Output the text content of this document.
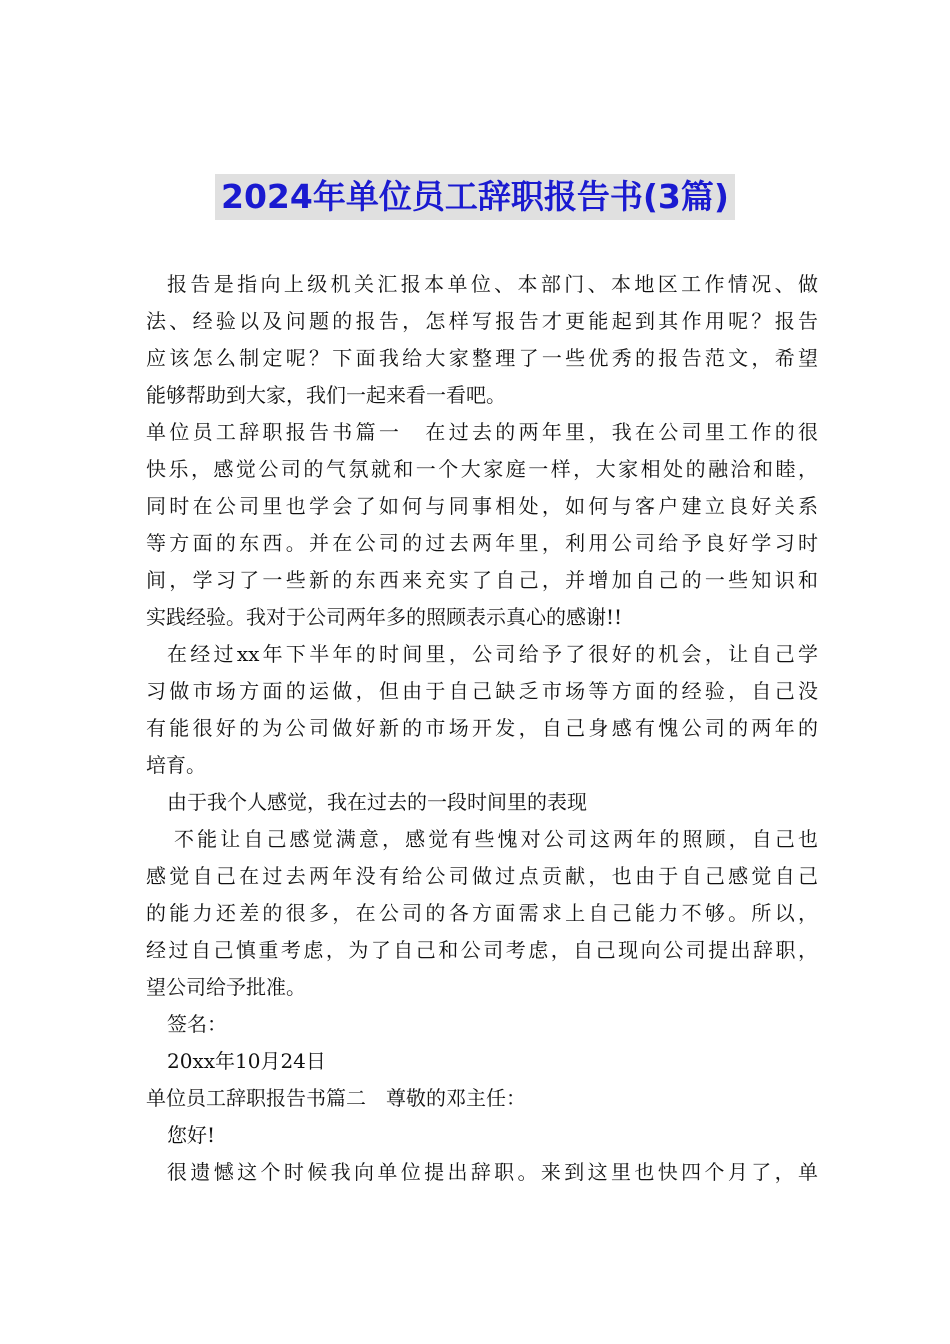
2024年单位员工辞职报告书(3篇)
报告是指向上级机关汇报本单位、本部门、本地区工作情况、做
法、经验以及问题的报告，怎样写报告才更能起到其作用呢？报告
应该怎么制定呢？下面我给大家整理了一些优秀的报告范文，希望
能够帮助到大家，我们一起来看一看吧。
单位员工辞职报告书篇一　在过去的两年里，我在公司里工作的很
快乐，感觉公司的气氛就和一个大家庭一样，大家相处的融洽和睦，
同时在公司里也学会了如何与同事相处，如何与客户建立良好关系
等方面的东西。并在公司的过去两年里，利用公司给予良好学习时
间，学习了一些新的东西来充实了自己，并增加自己的一些知识和
实践经验。我对于公司两年多的照顾表示真心的感谢!!
在经过xx年下半年的时间里，公司给予了很好的机会，让自己学
习做市场方面的运做，但由于自己缺乏市场等方面的经验，自己没
有能很好的为公司做好新的市场开发，自己身感有愧公司的两年的
培育。
由于我个人感觉，我在过去的一段时间里的表现
不能让自己感觉满意，感觉有些愧对公司这两年的照顾，自己也
感觉自己在过去两年没有给公司做过点贡献，也由于自己感觉自己
的能力还差的很多，在公司的各方面需求上自己能力不够。所以，
经过自己慎重考虑，为了自己和公司考虑，自己现向公司提出辞职，
望公司给予批准。
签名：
20xx年10月24日
单位员工辞职报告书篇二　尊敬的邓主任：
您好!
很遗憾这个时候我向单位提出辞职。来到这里也快四个月了，单
